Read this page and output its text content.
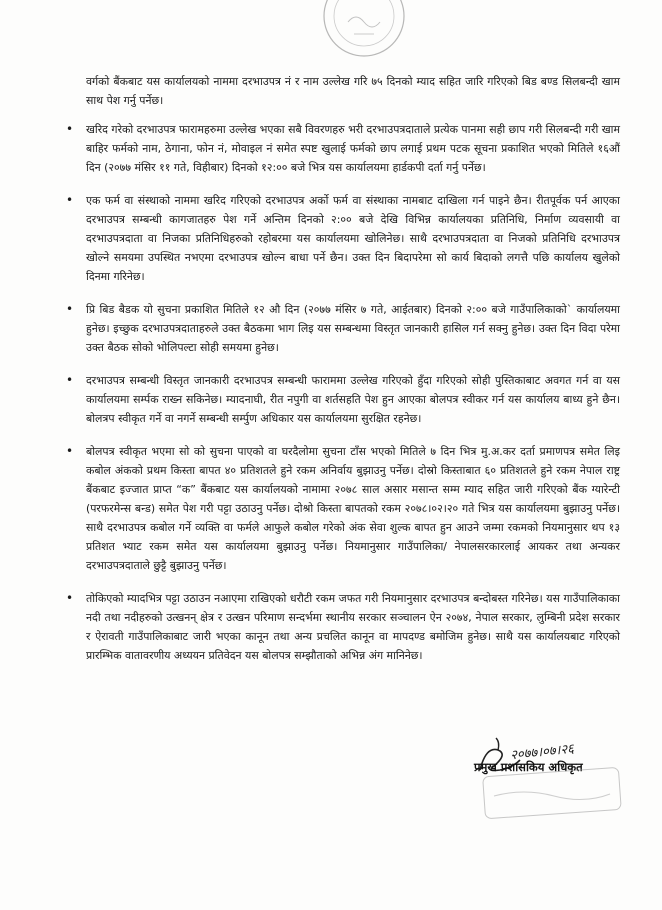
वर्गको बैंकबाट यस कार्यालयको नाममा दरभाउपत्र नं र नाम उल्लेख गरि ७५ दिनको म्याद सहित जारि गरिएको बिड बण्ड सिलबन्दी खाम साथ पेश गर्नु पर्नेछ।
• खरिद गरेको दरभाउपत्र फारामहरुमा उल्लेख भएका सबै विवरणहरु भरी दरभाउपत्रदाताले प्रत्येक पानमा सही छाप गरी सिलबन्दी गरी खाम बाहिर फर्मको नाम, ठेगाना, फोन नं, मोवाइल नं समेत स्पष्ट खुलाई फर्मको छाप लगाई प्रथम पटक सूचना प्रकाशित भएको मितिले १६औं दिन (२०७७ मंसिर ११ गते, विहीबार) दिनको १२:०० बजे भित्र यस कार्यालयमा हार्डकपी दर्ता गर्नु पर्नेछ।
• एक फर्म वा संस्थाको नाममा खरिद गरिएको दरभाउपत्र अर्को फर्म वा संस्थाका नामबाट दाखिला गर्न पाइने छैन। रीतपूर्वक पर्न आएका दरभाउपत्र सम्बन्धी कागजातहरु पेश गर्ने अन्तिम दिनको २:०० बजे देखि विभिन्न कार्यालयका प्रतिनिधि, निर्माण व्यवसायी वा दरभाउपत्रदाता वा निजका प्रतिनिधिहरुको रहोबरमा यस कार्यालयमा खोलिनेछ। साथै दरभाउपत्रदाता वा निजको प्रतिनिधि दरभाउपत्र खोल्ने समयमा उपस्थित नभएमा दरभाउपत्र खोल्न बाधा पर्ने छैन। उक्त दिन बिदापरेमा सो कार्य बिदाको लगत्तै पछि कार्यालय खुलेको दिनमा गरिनेछ।
• प्रि बिड बैडक यो सुचना प्रकाशित मितिले १२ औ दिन (२०७७ मंसिर ७ गते, आईतबार) दिनको २:०० बजे गाउँपालिकाको` कार्यालयमा हुनेछ। इच्छुक दरभाउपत्रदाताहरुले उक्त बैठकमा भाग लिइ यस सम्बन्धमा विस्तृत जानकारी हासिल गर्न सक्नु हुनेछ। उक्त दिन विदा परेमा उक्त बैठक सोको भोलिपल्टा सोही समयमा हुनेछ।
• दरभाउपत्र सम्बन्धी विस्तृत जानकारी दरभाउपत्र सम्बन्धी फाराममा उल्लेख गरिएको हुँदा गरिएको सोही पुस्तिकाबाट अवगत गर्न वा यस कार्यालयमा सर्म्पक राख्न सकिनेछ। म्यादनाघी, रीत नपुगी वा शर्तसहति पेश हुन आएका बोलपत्र स्वीकर गर्न यस कार्यालय बाध्य हुने छैन। बोलत्रप स्वीकृत गर्ने वा नगर्ने सम्बन्धी सर्म्पुण अधिकार यस कार्यालयमा सुरक्षित रहनेछ।
• बोलपत्र स्वीकृत भएमा सो को सुचना पाएको वा घरदैलोमा सुचना टाँस भएको मितिले ७ दिन भित्र मु.अ.कर दर्ता प्रमाणपत्र समेत लिइ कबोल अंकको प्रथम किस्ता बापत ४० प्रतिशतले हुने रकम अनिर्वाय बुझाउनु पर्नेछ। दोस्रो किस्ताबात ६० प्रतिशतले हुने रकम नेपाल राष्ट्र बैंकबाट इज्जात प्राप्त “क” बैंकबाट यस कार्यालयको नामामा २०७८ साल असार मसान्त सम्म म्याद सहित जारी गरिएको बैंक ग्यारेन्टी (परफरमेन्स बन्ड) समेत पेश गरी पट्टा उठाउनु पर्नेछ। दोश्रो किस्ता बापतको रकम २०७८।०२।२० गते भित्र यस कार्यालयमा बुझाउनु पर्नेछ। साथै दरभाउपत्र कबोल गर्ने व्यक्ति वा फर्मले आफुले कबोल गरेको अंक सेवा शुल्क बापत हुन आउने जम्मा रकमको नियमानुसार थप १३ प्रतिशत भ्याट रकम समेत यस कार्यालयमा बुझाउनु पर्नेछ। नियमानुसार गाउँपालिका/ नेपालसरकारलाई आयकर तथा अन्यकर दरभाउपत्रदाताले छुट्टै बुझाउनु पर्नेछ।
• तोकिएको म्यादभित्र पट्टा उठाउन नआएमा राखिएको धरौटी रकम जफत गरी नियमानुसार दरभाउपत्र बन्दोबस्त गरिनेछ। यस गाउँपालिकाका नदी तथा नदीहरुको उत्खनन् क्षेत्र र उत्खन परिमाण सन्दर्भमा स्थानीय सरकार सञ्चालन ऐन २०७४, नेपाल सरकार, लुम्बिनी प्रदेश सरकार र ऐरावती गाउँपालिकाबाट जारी भएका कानून तथा अन्य प्रचलित कानून वा मापदण्ड बमोजिम हुनेछ। साथै यस कार्यालयबाट गरिएको प्रारम्भिक वातावरणीय अध्ययन प्रतिवेदन यस बोलपत्र सम्झौताको अभिन्न अंग मानिनेछ।
२०७७।०७।२६
प्रमुख प्रशासकिय अधिकृत
